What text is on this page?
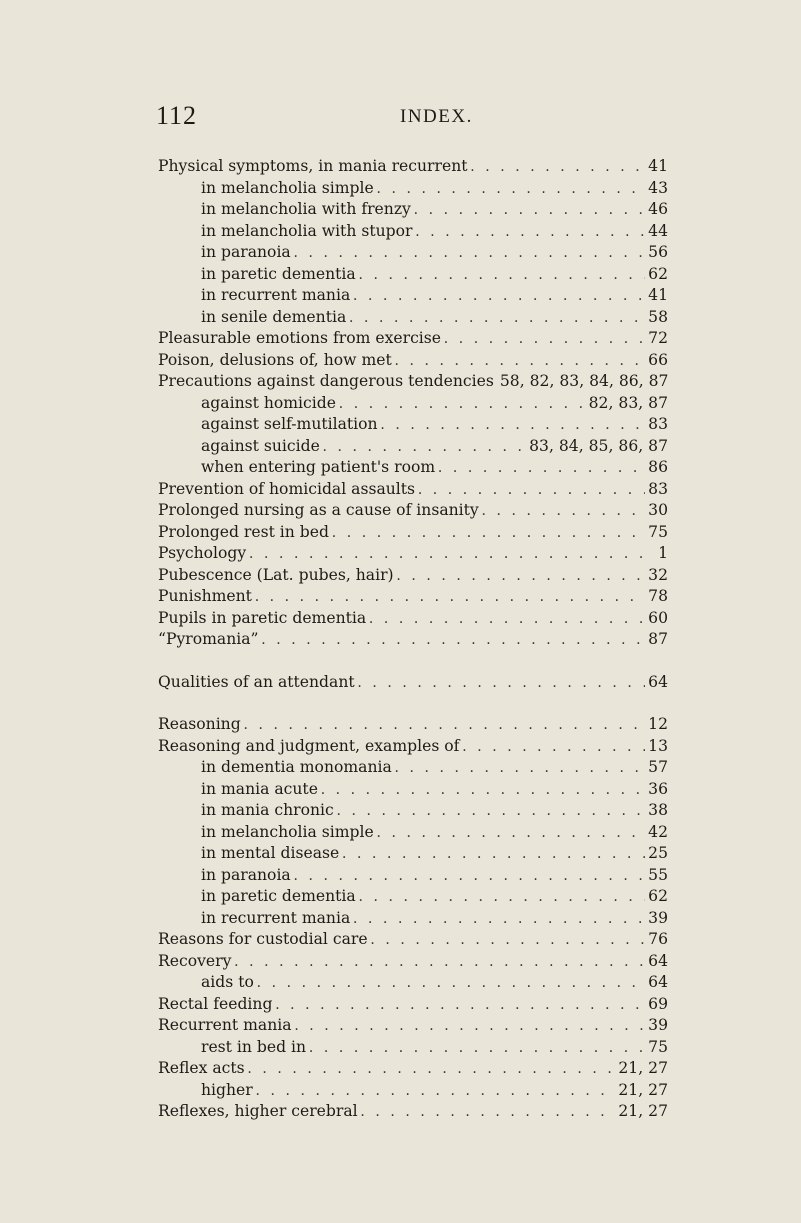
112	INDEX.
Physical symptoms, in mania recurrent . . .	41
in melancholia simple . . .	43
in melancholia with frenzy . . .	46
in melancholia with stupor . . .	44
in paranoia . . .	56
in paretic dementia . . .	62
in recurrent mania . . .	41
in senile dementia . . .	58
Pleasurable emotions from exercise . . .	72
Poison, delusions of, how met . . .	66
Precautions against dangerous tendencies 58, 82, 83, 84, 86, 87
against homicide . . .	82, 83, 87
against self-mutilation . . .	83
against suicide . . .	83, 84, 85, 86, 87
when entering patient's room . . .	86
Prevention of homicidal assaults . . .	83
Prolonged nursing as a cause of insanity . . .	30
Prolonged rest in bed . . .	75
Psychology . . .	1
Pubescence (Lat. pubes, hair) . . .	32
Punishment . . .	78
Pupils in paretic dementia . . .	60
“Pyromania” . . .	87
Qualities of an attendant . . .	64
Reasoning . . .	12
Reasoning and judgment, examples of . . .	13
in dementia monomania . . .	57
in mania acute . . .	36
in mania chronic . . .	38
in melancholia simple . . .	42
in mental disease . . .	25
in paranoia . . .	55
in paretic dementia . . .	62
in recurrent mania . . .	39
Reasons for custodial care . . .	76
Recovery . . .	64
aids to . . .	64
Rectal feeding . . .	69
Recurrent mania . . .	39
rest in bed in . . .	75
Reflex acts . . .	21, 27
higher . . .	21, 27
Reflexes, higher cerebral . . .	21, 27
